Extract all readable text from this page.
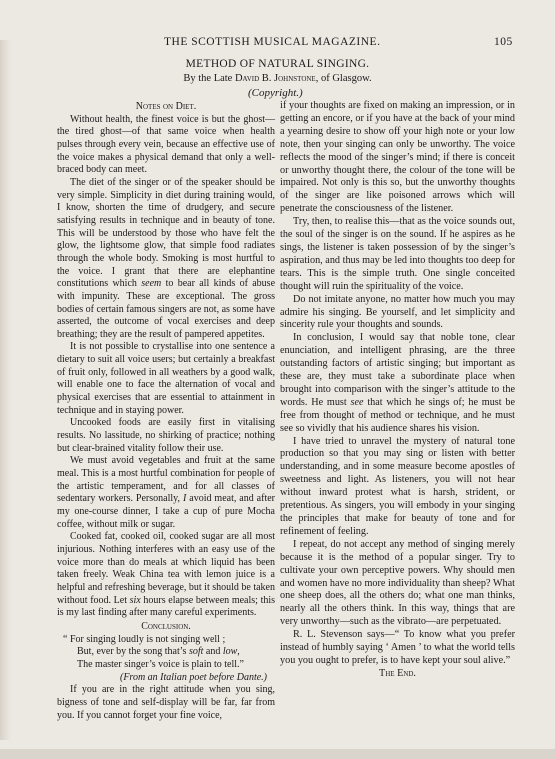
THE SCOTTISH MUSICAL MAGAZINE.	105
METHOD OF NATURAL SINGING.
By the Late David B. Johnstone, of Glasgow.
(Copyright.)

Notes on Diet.

Without health, the finest voice is but the ghost—the tired ghost—of that same voice when health pulses through every vein, because an effective use of the voice makes a physical demand that only a well-braced body can meet.

The diet of the singer or of the speaker should be very simple. Simplicity in diet during training would, I know, shorten the time of drudgery, and secure satisfying results in technique and in beauty of tone. This will be understood by those who have felt the glow, the lightsome glow, that simple food radiates through the whole body. Smoking is most hurtful to the voice. I grant that there are elephantine constitutions which seem to bear all kinds of abuse with impunity. These are exceptional. The gross bodies of certain famous singers are not, as some have asserted, the outcome of vocal exercises and deep breathing; they are the result of pampered appetites.

It is not possible to crystallise into one sentence a dietary to suit all voice users; but certainly a breakfast of fruit only, followed in all weathers by a good walk, will enable one to face the alternation of vocal and physical exercises that are essential to attainment in technique and in staying power.

Uncooked foods are easily first in vitalising results. No lassitude, no shirking of practice; nothing but clear-brained vitality follow their use.

We must avoid vegetables and fruit at the same meal. This is a most hurtful combination for people of the artistic temperament, and for all classes of sedentary workers. Personally, I avoid meat, and after my one-course dinner, I take a cup of pure Mocha coffee, without milk or sugar.

Cooked fat, cooked oil, cooked sugar are all most injurious. Nothing interferes with an easy use of the voice more than do meals at which liquid has been taken freely. Weak China tea with lemon juice is a helpful and refreshing beverage, but it should be taken without food. Let six hours elapse between meals; this is my last finding after many careful experiments.

Conclusion.

“ For singing loudly is not singing well ;
But, ever by the song that’s soft and low,
The master singer’s voice is plain to tell.”
(From an Italian poet before Dante.)

If you are in the right attitude when you sing, bigness of tone and self-display will be far, far from you. If you cannot forget your fine voice,

if your thoughts are fixed on making an impression, or in getting an encore, or if you have at the back of your mind a yearning desire to show off your high note or your low note, then your singing can only be unworthy. The voice reflects the mood of the singer’s mind; if there is conceit or unworthy thought there, the colour of the tone will be impaired. Not only is this so, but the unworthy thoughts of the singer are like poisoned arrows which will penetrate the consciousness of the listener.

Try, then, to realise this—that as the voice sounds out, the soul of the singer is on the sound. If he aspires as he sings, the listener is taken possession of by the singer’s aspiration, and thus may be led into thoughts too deep for tears. This is the simple truth. One single conceited thought will ruin the spirituality of the voice.

Do not imitate anyone, no matter how much you may admire his singing. Be yourself, and let simplicity and sincerity rule your thoughts and sounds.

In conclusion, I would say that noble tone, clear enunciation, and intelligent phrasing, are the three outstanding factors of artistic singing; but important as these are, they must take a subordinate place when brought into comparison with the singer’s attitude to the words. He must see that which he sings of; he must be free from thought of method or technique, and he must see so vividly that his audience shares his vision.

I have tried to unravel the mystery of natural tone production so that you may sing or listen with better understanding, and in some measure become apostles of sweetness and light. As listeners, you will not hear without inward protest what is harsh, strident, or pretentious. As singers, you will embody in your singing the principles that make for beauty of tone and for refinement of feeling.

I repeat, do not accept any method of singing merely because it is the method of a popular singer. Try to cultivate your own perceptive powers. Why should men and women have no more individuality than sheep? What one sheep does, all the others do; what one man thinks, nearly all the others think. In this way, things that are very unworthy—such as the vibrato—are perpetuated.

R. L. Stevenson says—“ To know what you prefer instead of humbly saying ‘ Amen ’ to what the world tells you you ought to prefer, is to have kept your soul alive.”

The End.
